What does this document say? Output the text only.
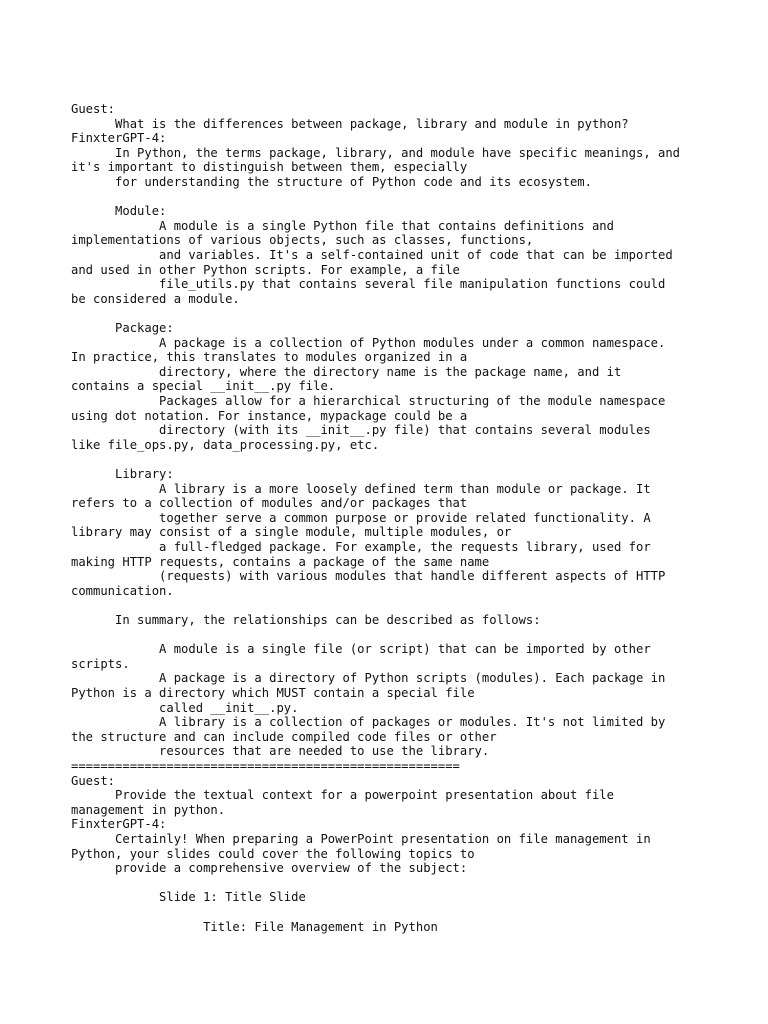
Guest:
What is the differences between package, library and module in python?
FinxterGPT-4:
In Python, the terms package, library, and module have specific meanings, and
it's important to distinguish between them, especially
for understanding the structure of Python code and its ecosystem.
Module:
A module is a single Python file that contains definitions and
implementations of various objects, such as classes, functions,
and variables. It's a self-contained unit of code that can be imported
and used in other Python scripts. For example, a file
file_utils.py that contains several file manipulation functions could
be considered a module.
Package:
A package is a collection of Python modules under a common namespace.
In practice, this translates to modules organized in a
directory, where the directory name is the package name, and it
contains a special __init__.py file.
Packages allow for a hierarchical structuring of the module namespace
using dot notation. For instance, mypackage could be a
directory (with its __init__.py file) that contains several modules
like file_ops.py, data_processing.py, etc.
Library:
A library is a more loosely defined term than module or package. It
refers to a collection of modules and/or packages that
together serve a common purpose or provide related functionality. A
library may consist of a single module, multiple modules, or
a full-fledged package. For example, the requests library, used for
making HTTP requests, contains a package of the same name
(requests) with various modules that handle different aspects of HTTP
communication.
In summary, the relationships can be described as follows:
A module is a single file (or script) that can be imported by other
scripts.
A package is a directory of Python scripts (modules). Each package in
Python is a directory which MUST contain a special file
called __init__.py.
A library is a collection of packages or modules. It's not limited by
the structure and can include compiled code files or other
resources that are needed to use the library.
=====================================================
Guest:
Provide the textual context for a powerpoint presentation about file
management in python.
FinxterGPT-4:
Certainly! When preparing a PowerPoint presentation on file management in
Python, your slides could cover the following topics to
provide a comprehensive overview of the subject:
Slide 1: Title Slide
Title: File Management in Python
